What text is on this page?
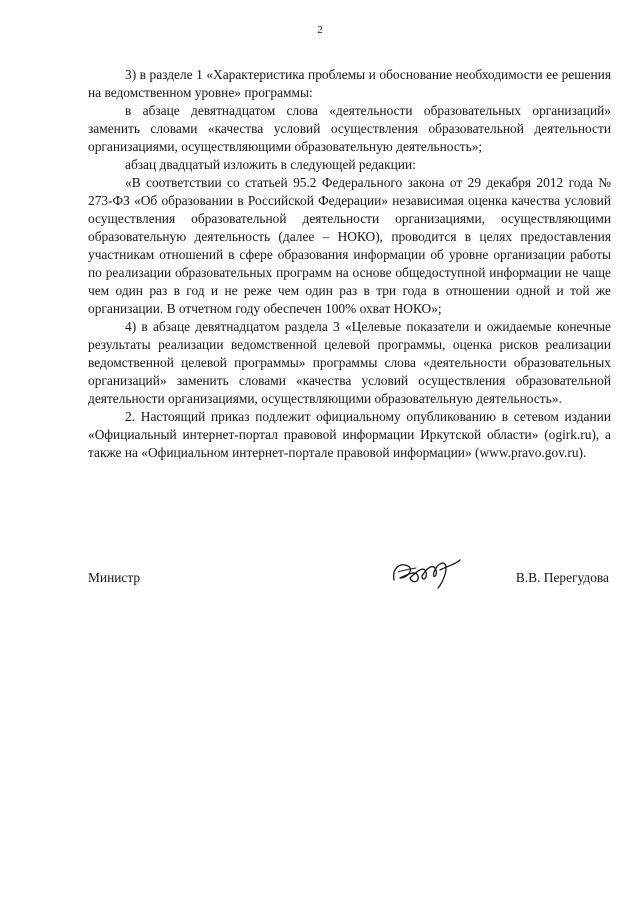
2

3) в разделе 1 «Характеристика проблемы и обоснование необходимости ее решения на ведомственном уровне» программы:

в абзаце девятнадцатом слова «деятельности образовательных организаций» заменить словами «качества условий осуществления образовательной деятельности организациями, осуществляющими образовательную деятельность»;

абзац двадцатый изложить в следующей редакции:

«В соответствии со статьей 95.2 Федерального закона от 29 декабря 2012 года № 273-ФЗ «Об образовании в Российской Федерации» независимая оценка качества условий осуществления образовательной деятельности организациями, осуществляющими образовательную деятельность (далее – НОКО), проводится в целях предоставления участникам отношений в сфере образования информации об уровне организации работы по реализации образовательных программ на основе общедоступной информации не чаще чем один раз в год и не реже чем один раз в три года в отношении одной и той же организации. В отчетном году обеспечен 100% охват НОКО»;

4) в абзаце девятнадцатом раздела 3 «Целевые показатели и ожидаемые конечные результаты реализации ведомственной целевой программы, оценка рисков реализации ведомственной целевой программы» программы слова «деятельности образовательных организаций» заменить словами «качества условий осуществления образовательной деятельности организациями, осуществляющими образовательную деятельность».

2. Настоящий приказ подлежит официальному опубликованию в сетевом издании «Официальный интернет-портал правовой информации Иркутской области» (ogirk.ru), а также на «Официальном интернет-портале правовой информации» (www.pravo.gov.ru).

Министр	В.В. Перегудова
